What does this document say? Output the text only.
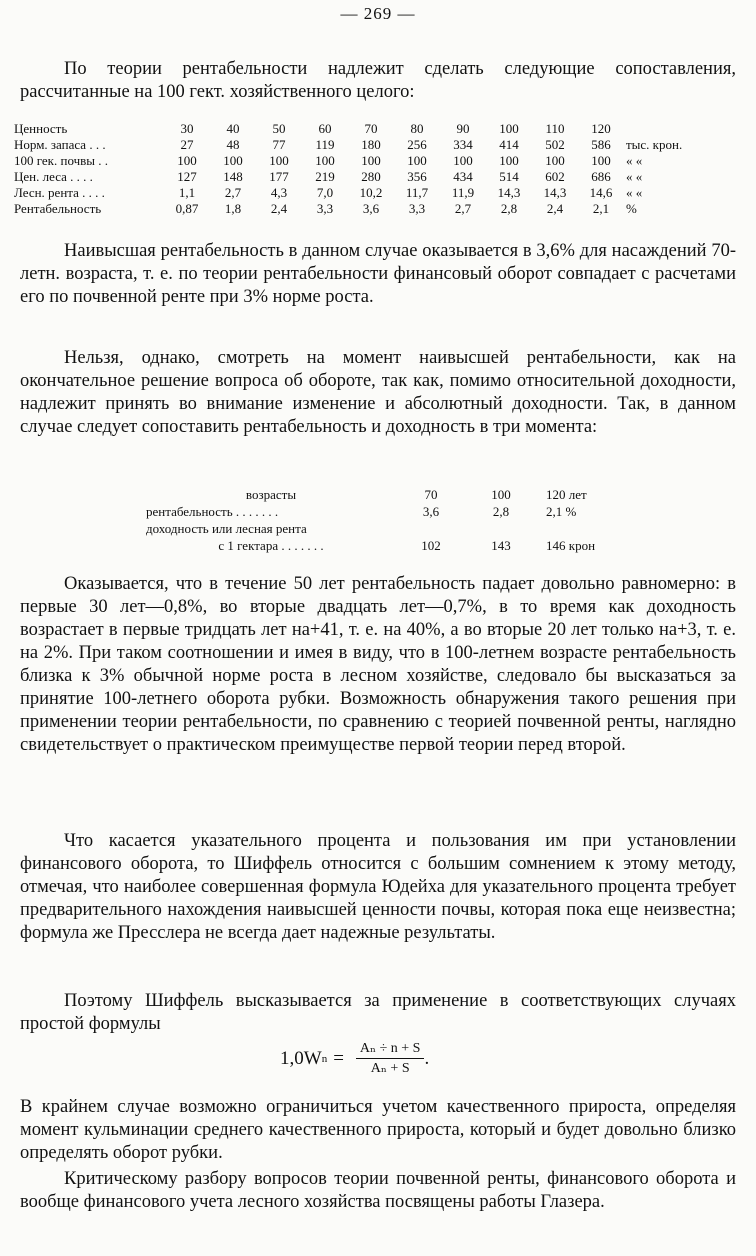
— 269 —

По теории рентабельности надлежит сделать следующие сопоставления, рассчитанные на 100 гект. хозяйственного целого:

Ценность	30	40	50	60	70	80	90	100	110	120	
Норм. запаса . . .	27	48	77	119	180	256	334	414	502	586	тыс. крон.
100 гек. почвы . .	100	100	100	100	100	100	100	100	100	100	« «
Цен. леса . . . .	127	148	177	219	280	356	434	514	602	686	« «
Лесн. рента . . . .	1,1	2,7	4,3	7,0	10,2	11,7	11,9	14,3	14,3	14,6	« «
Рентабельность	0,87	1,8	2,4	3,3	3,6	3,3	2,7	2,8	2,4	2,1	%

Наивысшая рентабельность в данном случае оказывается в 3,6% для насаждений 70-летн. возраста, т. е. по теории рентабельности финансовый оборот совпадает с расчетами его по почвенной ренте при 3% норме роста.

Нельзя, однако, смотреть на момент наивысшей рентабельности, как на окончательное решение вопроса об обороте, так как, помимо относительной доходности, надлежит принять во внимание изменение и абсолютный доходности. Так, в данном случае следует сопоставить рентабельность и доходность в три момента:

возрасты	70	100	120 лет
рентабельность . . . . . . .	3,6	2,8	2,1 %
доходность или лесная рента			
с 1 гектара . . . . . . .	102	143	146 крон

Оказывается, что в течение 50 лет рентабельность падает довольно равномерно: в первые 30 лет—0,8%, во вторые двадцать лет—0,7%, в то время как доходность возрастает в первые тридцать лет на+41, т. е. на 40%, а во вторые 20 лет только на+3, т. е. на 2%. При таком соотношении и имея в виду, что в 100-летнем возрасте рентабельность близка к 3% обычной норме роста в лесном хозяйстве, следовало бы высказаться за принятие 100-летнего оборота рубки. Возможность обнаружения такого решения при применении теории рентабельности, по сравнению с теорией почвенной ренты, наглядно свидетельствует о практическом преимуществе первой теории перед второй.

Что касается указательного процента и пользования им при установлении финансового оборота, то Шиффель относится с большим сомнением к этому методу, отмечая, что наиболее совершенная формула Юдейха для указательного процента требует предварительного нахождения наивысшей ценности почвы, которая пока еще неизвестна; формула же Пресслера не всегда дает надежные результаты.

Поэтому Шиффель высказывается за применение в соответствующих случаях простой формулы

1,0W $n = \frac{\text{Aₙ ÷ n + S}}{\text{Aₙ + S}}$ .

В крайнем случае возможно ограничиться учетом качественного прироста, определяя момент кульминации среднего качественного прироста, который и будет довольно близко определять оборот рубки.

Критическому разбору вопросов теории почвенной ренты, финансового оборота и вообще финансового учета лесного хозяйства посвящены работы Глазера.
